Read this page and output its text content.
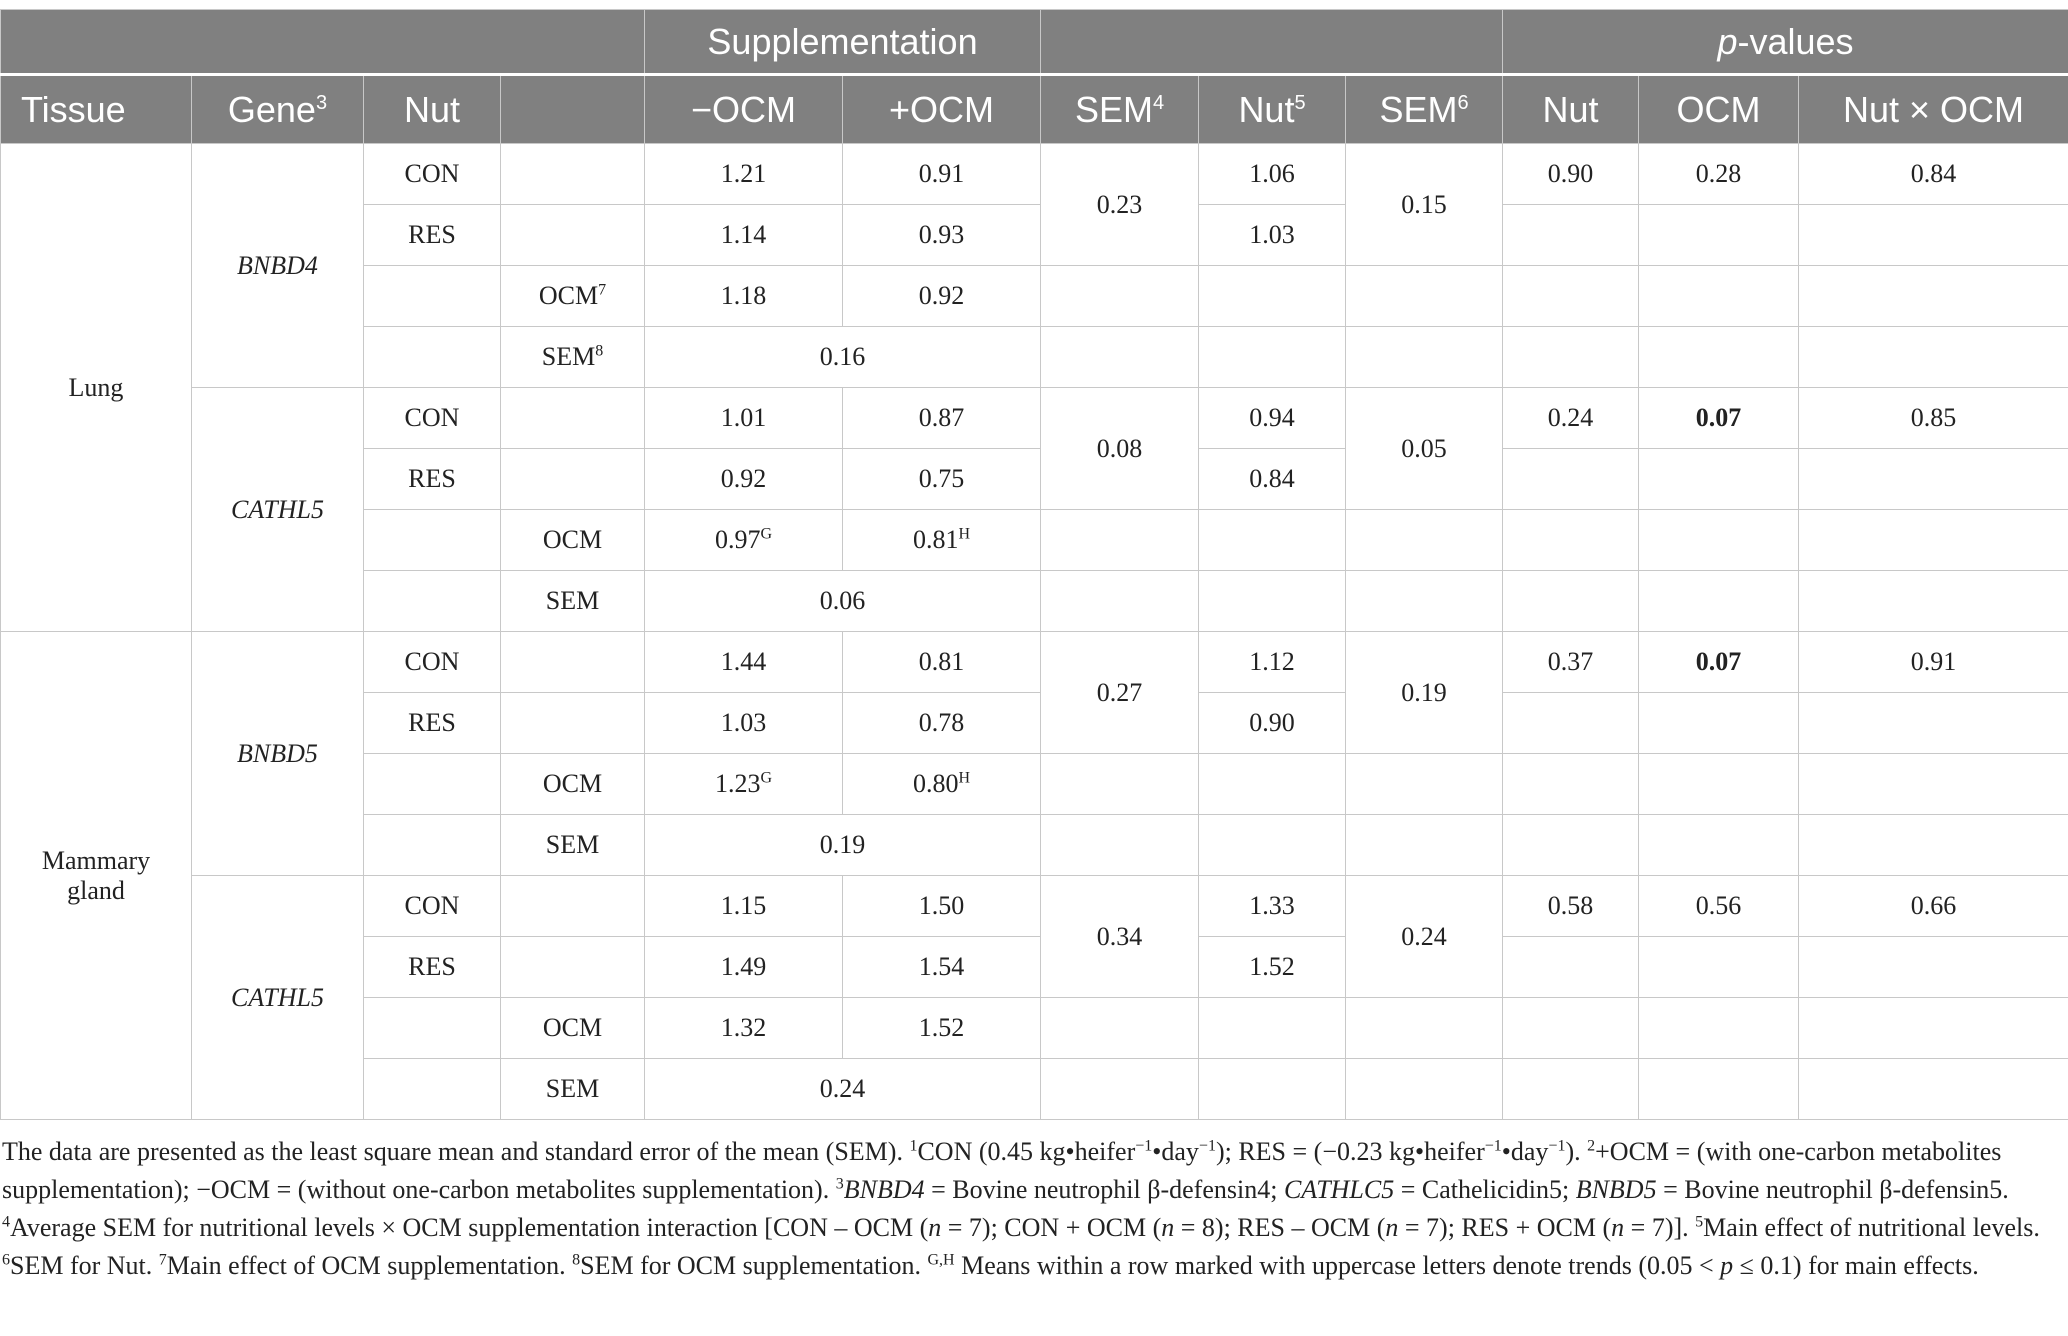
				Supplementation					p-values		
Tissue	Gene$^3$	Nut		−OCM	+OCM	SEM$^4$	Nut$^5$	SEM$^6$	Nut	OCM	Nut × OCM
Lung	BNBD4	CON		1.21	0.91	0.23	1.06	0.15	0.90	0.28	0.84
		RES		1.14	0.93		1.03				
			OCM$^7$	1.18	0.92						
			SEM$^8$	0.16							
	CATHL5	CON		1.01	0.87	0.08	0.94	0.05	0.24	0.07	0.85
		RES		0.92	0.75		0.84				
			OCM	$0.97^G$	$0.81^H$						
			SEM	0.06							
Mammary
gland	BNBD5	CON		1.44	0.81	0.27	1.12	0.19	0.37	0.07	0.91
		RES		1.03	0.78		0.90				
			OCM	$1.23^G$	$0.80^H$						
			SEM	0.19							
	CATHL5	CON		1.15	1.50	0.34	1.33	0.24	0.58	0.56	0.66
		RES		1.49	1.54		1.52				
			OCM	1.32	1.52						
			SEM	0.24							
The data are presented as the least square mean and standard error of the mean (SEM). $^1$CON (0.45 kg•heifer$^{-1}$•day$^{-1}$); RES = (−0.23 kg•heifer$^{-1}$•day$^{-1}$). $^2$+OCM = (with one-carbon metabolites supplementation); −OCM = (without one-carbon metabolites supplementation). $^3$BNBD4 = Bovine neutrophil β-defensin4; CATHLC5 = Cathelicidin5; BNBD5 = Bovine neutrophil β-defensin5. $^4$Average SEM for nutritional levels × OCM supplementation interaction [CON – OCM (n = 7); CON + OCM (n = 8); RES – OCM (n = 7); RES + OCM (n = 7)]. $^5$Main effect of nutritional levels. $^6$SEM for Nut. $^7$Main effect of OCM supplementation. $^8$SEM for OCM supplementation. $^{G,H}$ Means within a row marked with uppercase letters denote trends (0.05 < p ≤ 0.1) for main effects.
